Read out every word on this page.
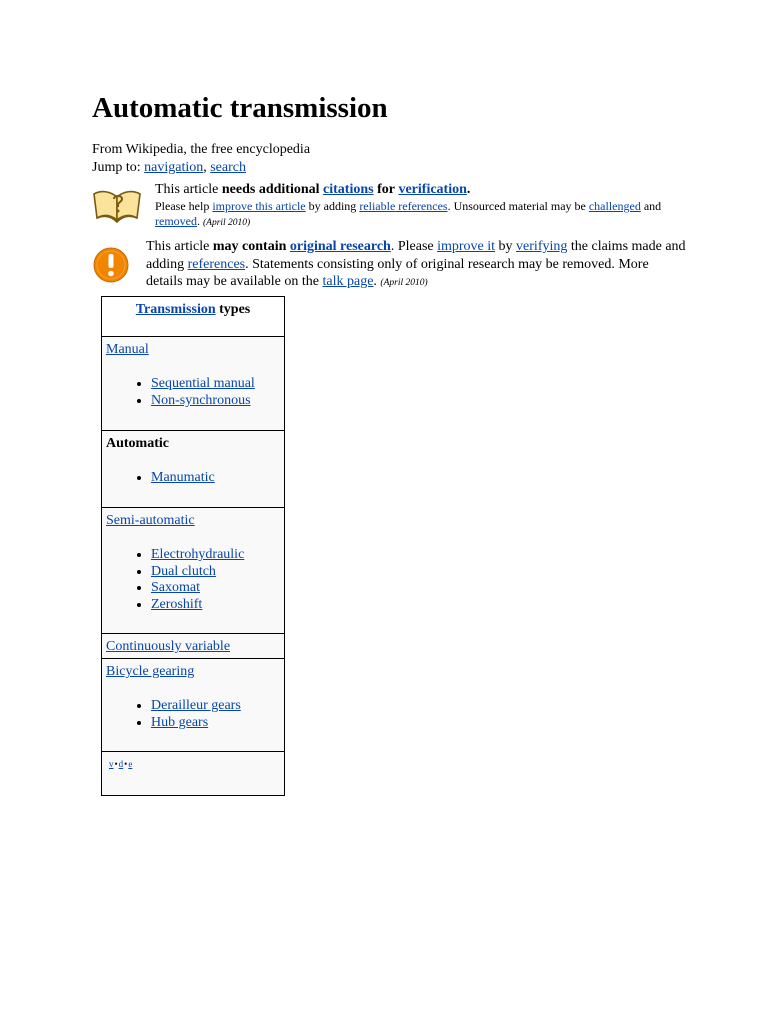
Automatic transmission
From Wikipedia, the free encyclopedia
Jump to: navigation, search
This article needs additional citations for verification.
Please help improve this article by adding reliable references. Unsourced material may be challenged and removed. (April 2010)
This article may contain original research. Please improve it by verifying the claims made and adding references. Statements consisting only of original research may be removed. More details may be available on the talk page. (April 2010)
Transmission types
Manual
• Sequential manual
• Non-synchronous
Automatic
• Manumatic
Semi-automatic
• Electrohydraulic
• Dual clutch
• Saxomat
• Zeroshift
Continuously variable
Bicycle gearing
• Derailleur gears
• Hub gears
v•d•e
